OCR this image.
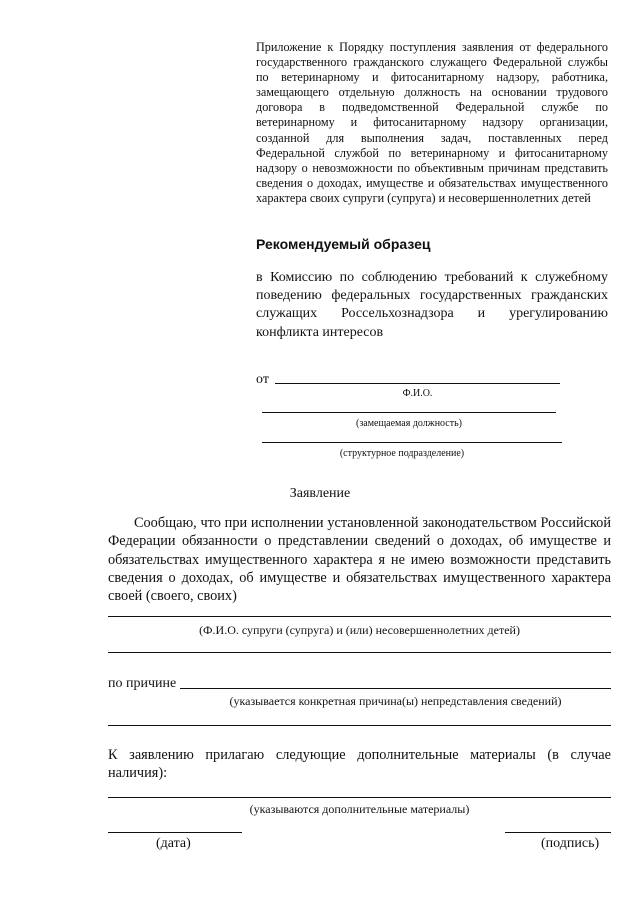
Приложение к Порядку поступления заявления от федерального государственного гражданского служащего Федеральной службы по ветеринарному и фитосанитарному надзору, работника, замещающего отдельную должность на основании трудового договора в подведомственной Федеральной службе по ветеринарному и фитосанитарному надзору организации, созданной для выполнения задач, поставленных перед Федеральной службой по ветеринарному и фитосанитарному надзору о невозможности по объективным причинам представить сведения о доходах, имуществе и обязательствах имущественного характера своих супруги (супруга) и несовершеннолетних детей
Рекомендуемый образец
в Комиссию по соблюдению требований к служебному поведению федеральных государственных гражданских служащих Россельхознадзора и урегулированию конфликта интересов
от
Ф.И.О.
(замещаемая должность)
(структурное подразделение)
Заявление
Сообщаю, что при исполнении установленной законодательством Российской Федерации обязанности о представлении сведений о доходах, об имуществе и обязательствах имущественного характера я не имею возможности представить сведения о доходах, об имуществе и обязательствах имущественного характера своей (своего, своих)
(Ф.И.О. супруги (супруга) и (или) несовершеннолетних детей)
по причине
(указывается конкретная причина(ы) непредставления сведений)
К заявлению прилагаю следующие дополнительные материалы (в случае наличия):
(указываются дополнительные материалы)
(дата)	(подпись)
